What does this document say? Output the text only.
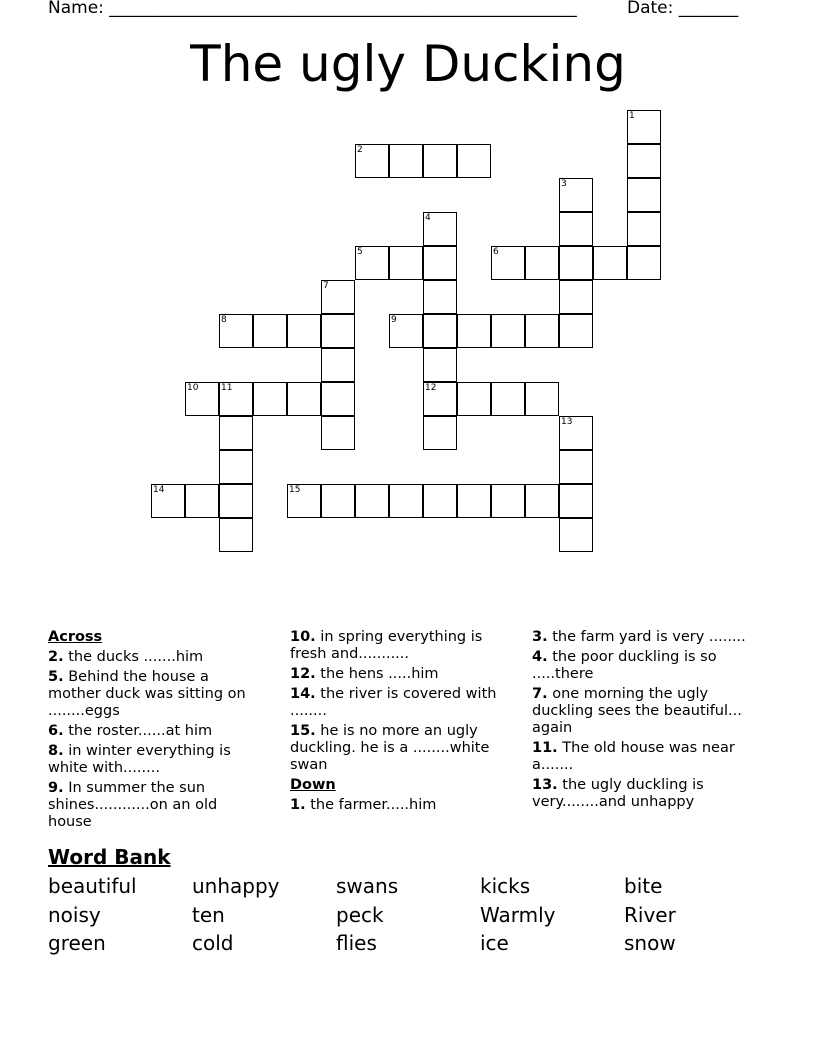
Name: _______________________________________________________	Date: _______
The ugly Ducking
1
2
3
4
12
5	6
7
8	9
10	11
13
14	15
Across
2. the ducks .......him
5. Behind the house a mother duck was sitting on ........eggs
6. the roster......at him
8. in winter everything is white with........
9. In summer the sun shines............on an old house
10. in spring everything is fresh and...........
12. the hens .....him
14. the river is covered with ........
15. he is no more an ugly duckling. he is a ........white swan
Down
1. the farmer.....him
3. the farm yard is very ........
4. the poor duckling is so .....there
7. one morning the ugly duckling sees the beautiful... again
11. The old house was near a.......
13. the ugly duckling is very........and unhappy
Word Bank
beautiful	unhappy	swans	kicks	bite
noisy	ten	peck	Warmly	River
green	cold	flies	ice	snow
